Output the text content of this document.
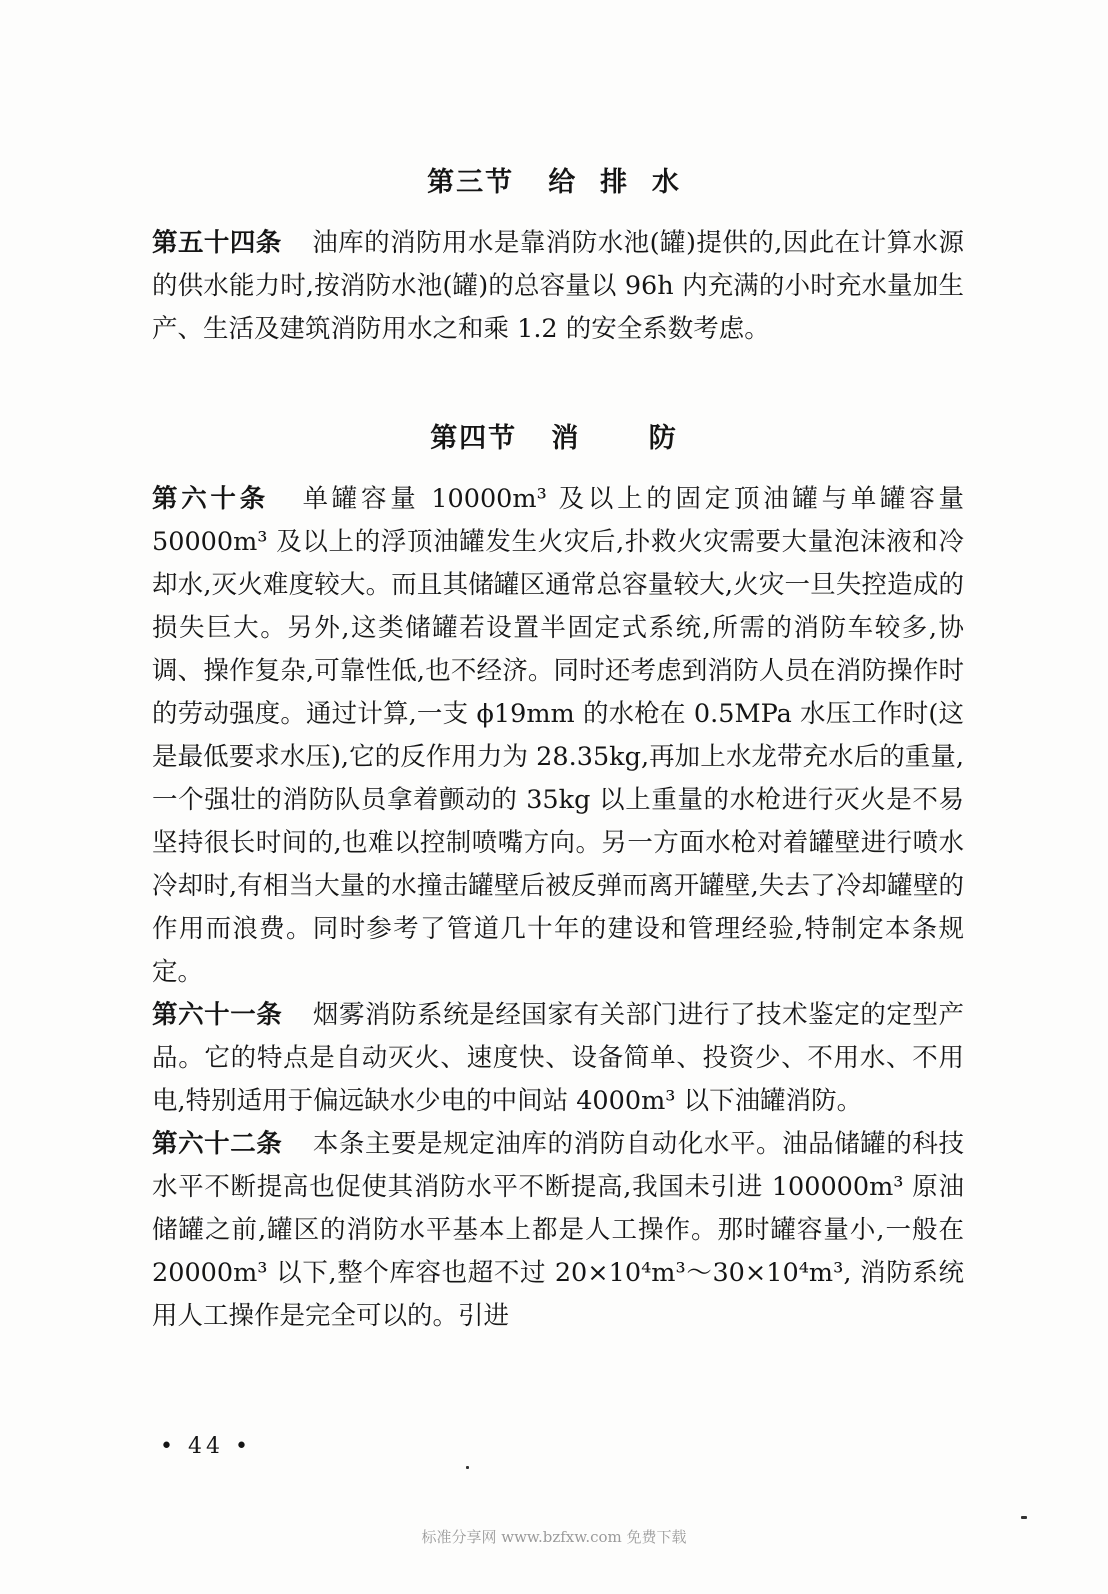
第三节   给  排  水

第五十四条 油库的消防用水是靠消防水池(罐)提供的,因此在计算水源的供水能力时,按消防水池(罐)的总容量以 96h 内充满的小时充水量加生产、生活及建筑消防用水之和乘 1.2 的安全系数考虑。

第四节   消      防

第六十条 单罐容量 10000m³ 及以上的固定顶油罐与单罐容量 50000m³ 及以上的浮顶油罐发生火灾后,扑救火灾需要大量泡沫液和冷却水,灭火难度较大。而且其储罐区通常总容量较大,火灾一旦失控造成的损失巨大。另外,这类储罐若设置半固定式系统,所需的消防车较多,协调、操作复杂,可靠性低,也不经济。同时还考虑到消防人员在消防操作时的劳动强度。通过计算,一支 ϕ19mm 的水枪在 0.5MPa 水压工作时(这是最低要求水压),它的反作用力为 28.35kg,再加上水龙带充水后的重量,一个强壮的消防队员拿着颤动的 35kg 以上重量的水枪进行灭火是不易坚持很长时间的,也难以控制喷嘴方向。另一方面水枪对着罐壁进行喷水冷却时,有相当大量的水撞击罐壁后被反弹而离开罐壁,失去了冷却罐壁的作用而浪费。同时参考了管道几十年的建设和管理经验,特制定本条规定。

第六十一条 烟雾消防系统是经国家有关部门进行了技术鉴定的定型产品。它的特点是自动灭火、速度快、设备简单、投资少、不用水、不用电,特别适用于偏远缺水少电的中间站 4000m³ 以下油罐消防。

第六十二条 本条主要是规定油库的消防自动化水平。油品储罐的科技水平不断提高也促使其消防水平不断提高,我国未引进 100000m³ 原油储罐之前,罐区的消防水平基本上都是人工操作。那时罐容量小,一般在 20000m³ 以下,整个库容也超不过 20×10⁴m³～30×10⁴m³, 消防系统用人工操作是完全可以的。引进

• 44 •
标准分享网 www.bzfxw.com 免费下载
